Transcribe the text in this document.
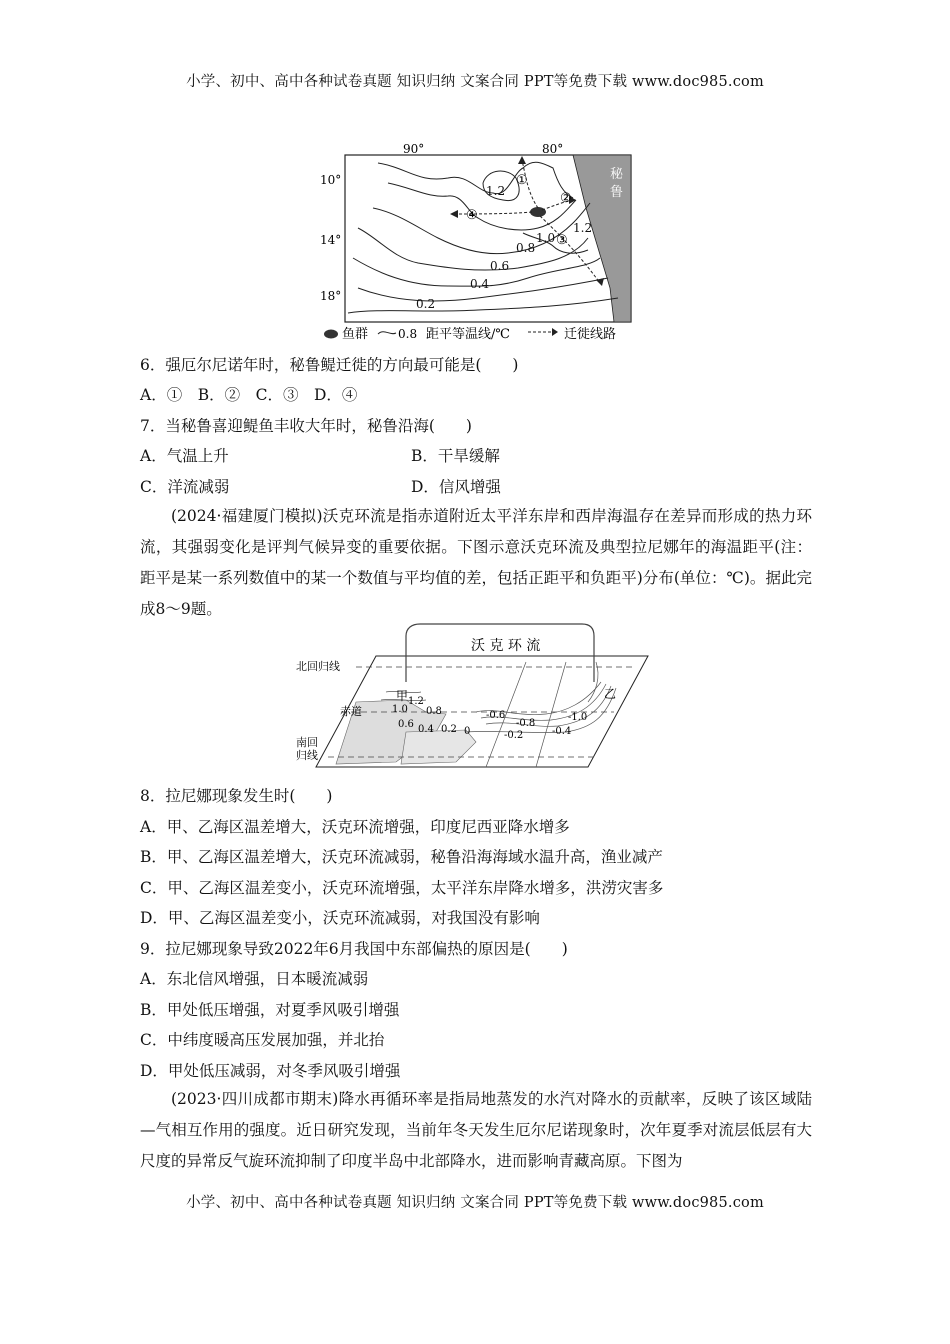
小学、初中、高中各种试卷真题 知识归纳 文案合同 PPT等免费下载 www.doc985.com
秘
鲁
90°	80°
10°
14°
18°
1.2
1.2
1.0
0.8
0.6
0.4
0.2
①
②
③
④
鱼群 0.8 距平等温线/℃	迁徙线路
6．强厄尔尼诺年时，秘鲁鳀迁徙的方向最可能是(　　)
A．①　B．②　C．③　D．④
7．当秘鲁喜迎鳀鱼丰收大年时，秘鲁沿海(　　)
A．气温上升	B．干旱缓解
C．洋流减弱	D．信风增强

(2024·福建厦门模拟)沃克环流是指赤道附近太平洋东岸和西岸海温存在差异而形成的热力环流，其强弱变化是评判气候异变的重要依据。下图示意沃克环流及典型拉尼娜年的海温距平(注：距平是某一系列数值中的某一个数值与平均值的差，包括正距平和负距平)分布(单位：℃)。据此完成8～9题。

沃 克 环 流
北回归线
赤道
南回
归线
甲	乙
1.2
1.0 0.8
0.6 0.4 0.2 0
-0.6
-0.8
-1.0
-0.2	-0.4
8．拉尼娜现象发生时(　　)
A．甲、乙海区温差增大，沃克环流增强，印度尼西亚降水增多
B．甲、乙海区温差增大，沃克环流减弱，秘鲁沿海海域水温升高，渔业减产
C．甲、乙海区温差变小，沃克环流增强，太平洋东岸降水增多，洪涝灾害多
D．甲、乙海区温差变小，沃克环流减弱，对我国没有影响
9．拉尼娜现象导致2022年6月我国中东部偏热的原因是(　　)
A．东北信风增强，日本暖流减弱
B．甲处低压增强，对夏季风吸引增强
C．中纬度暖高压发展加强，并北抬
D．甲处低压减弱，对冬季风吸引增强

(2023·四川成都市期末)降水再循环率是指局地蒸发的水汽对降水的贡献率，反映了该区域陆—气相互作用的强度。近日研究发现，当前年冬天发生厄尔尼诺现象时，次年夏季对流层低层有大尺度的异常反气旋环流抑制了印度半岛中北部降水，进而影响青藏高原。下图为

小学、初中、高中各种试卷真题 知识归纳 文案合同 PPT等免费下载 www.doc985.com
